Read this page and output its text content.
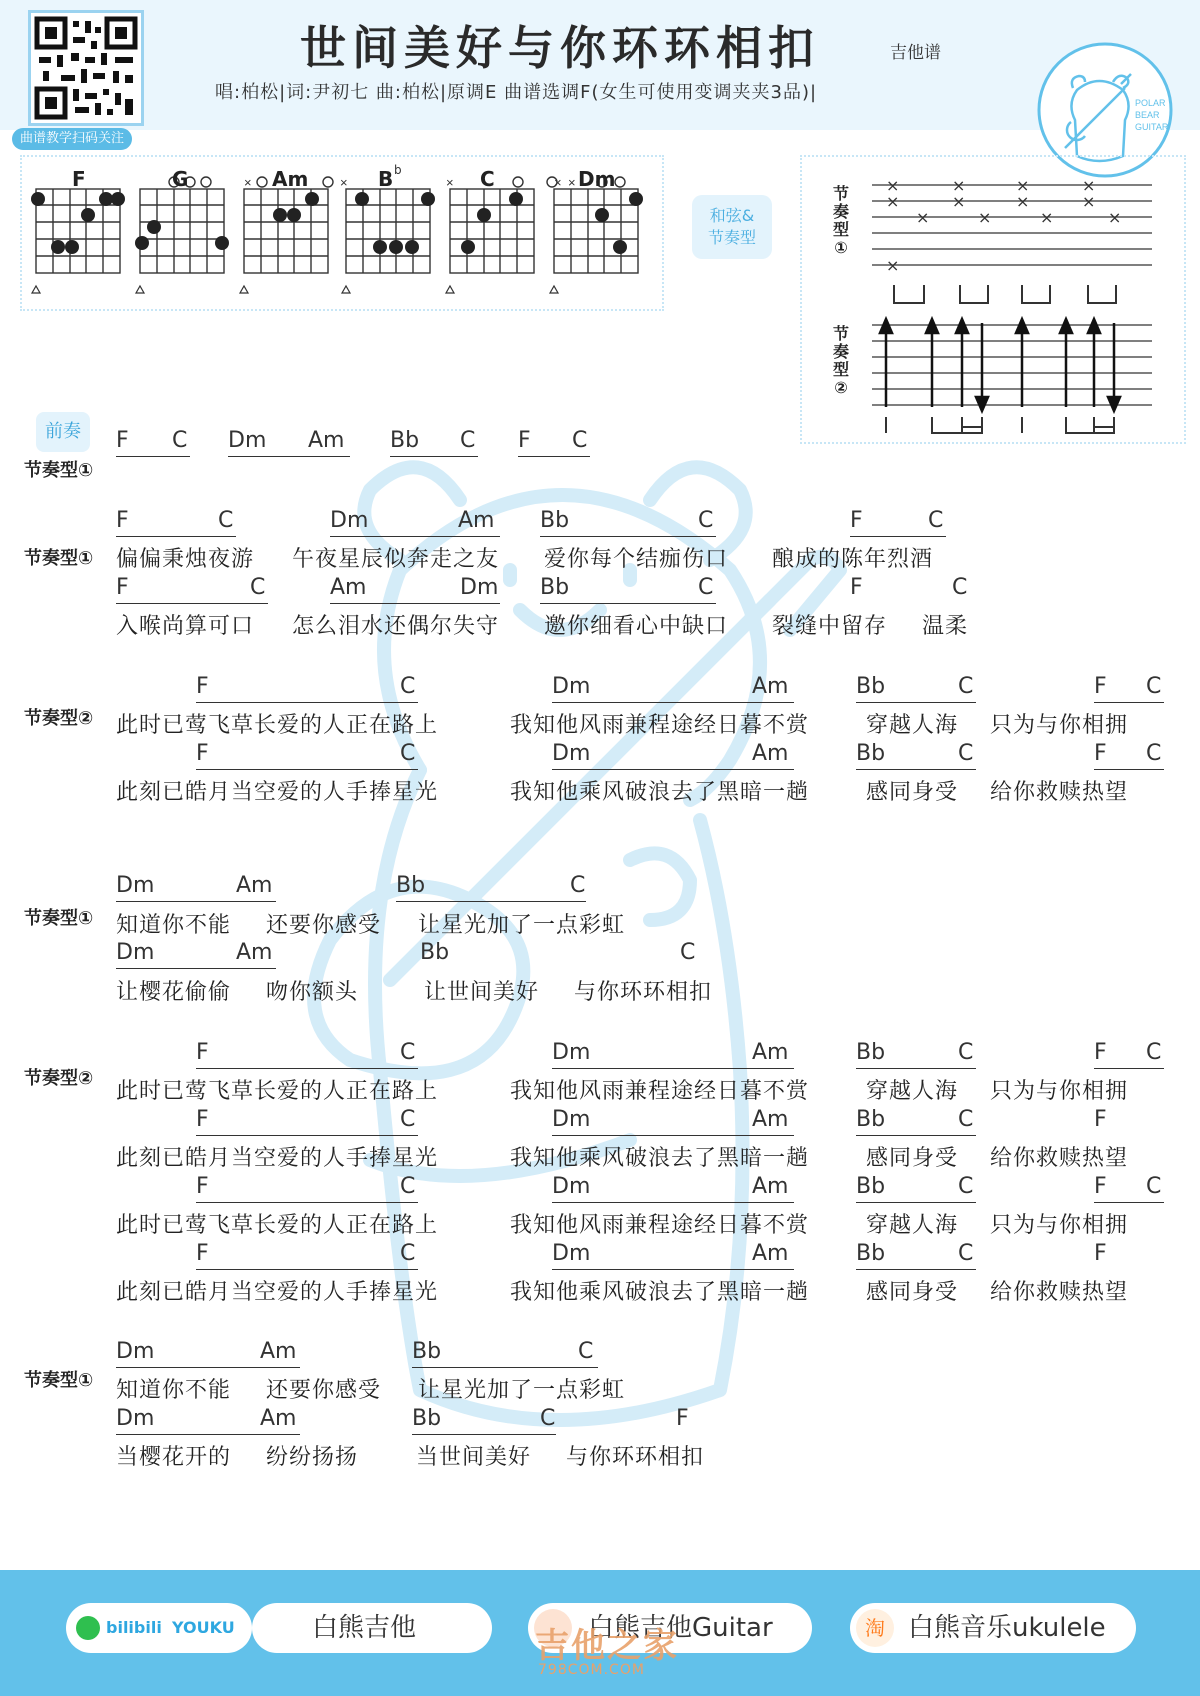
曲谱教学扫码关注
世间美好与你环环相扣	吉他谱
唱:柏松|词:尹初七 曲:柏松|原调E 曲谱选调F(女生可使用变调夹夹3品)|	POLAR
BEAR
GUITAR
×	×	×	× ×
F	G	Am	B b	C	Dm
和弦&
节奏型
节
奏
型
①
节
奏
型
②
×
×
×
×
×
×
×
×
×
×
×
×
×
前奏
节奏型①
F C Dm Am Bb C F C
节奏型①
F	C	Dm	Am Bb	C	F	C
偏偏秉烛夜游 午夜星辰似奔走之友 爱你每个结痂伤口 酿成的陈年烈酒
F	C	Am	Dm Bb	C	F	C
入喉尚算可口 怎么泪水还偶尔失守 邀你细看心中缺口 裂缝中留存 温柔
节奏型②
F	C	Dm	Am	Bb	C	F C
此时已莺飞草长爱的人正在路上	我知他风雨兼程途经日暮不赏	穿越人海 只为与你相拥
F	C	Dm	Am	Bb	C	F C
此刻已皓月当空爱的人手捧星光	我知他乘风破浪去了黑暗一趟	感同身受 给你救赎热望
节奏型①
Dm	Am	Bb	C
知道你不能 还要你感受 让星光加了一点彩虹
Dm	Am	Bb	C
让樱花偷偷 吻你额头	让世间美好 与你环环相扣
节奏型②
F	C	Dm	Am	Bb	C	F C
此时已莺飞草长爱的人正在路上	我知他风雨兼程途经日暮不赏	穿越人海 只为与你相拥
F	C	Dm	Am	Bb	C	F
此刻已皓月当空爱的人手捧星光	我知他乘风破浪去了黑暗一趟	感同身受 给你救赎热望
F	C	Dm	Am	Bb	C	F C
此时已莺飞草长爱的人正在路上	我知他风雨兼程途经日暮不赏	穿越人海 只为与你相拥
F	C	Dm	Am	Bb	C	F
此刻已皓月当空爱的人手捧星光	我知他乘风破浪去了黑暗一趟	感同身受 给你救赎热望
节奏型①
Dm	Am	Bb	C
知道你不能 还要你感受 让星光加了一点彩虹
Dm	Am	Bb	C	F
当樱花开的 纷纷扬扬	当世间美好 与你环环相扣
bilibili YOUKU	白熊吉他	白熊吉他Guitar	淘 白熊音乐ukulele
吉他之家
798COM.COM
